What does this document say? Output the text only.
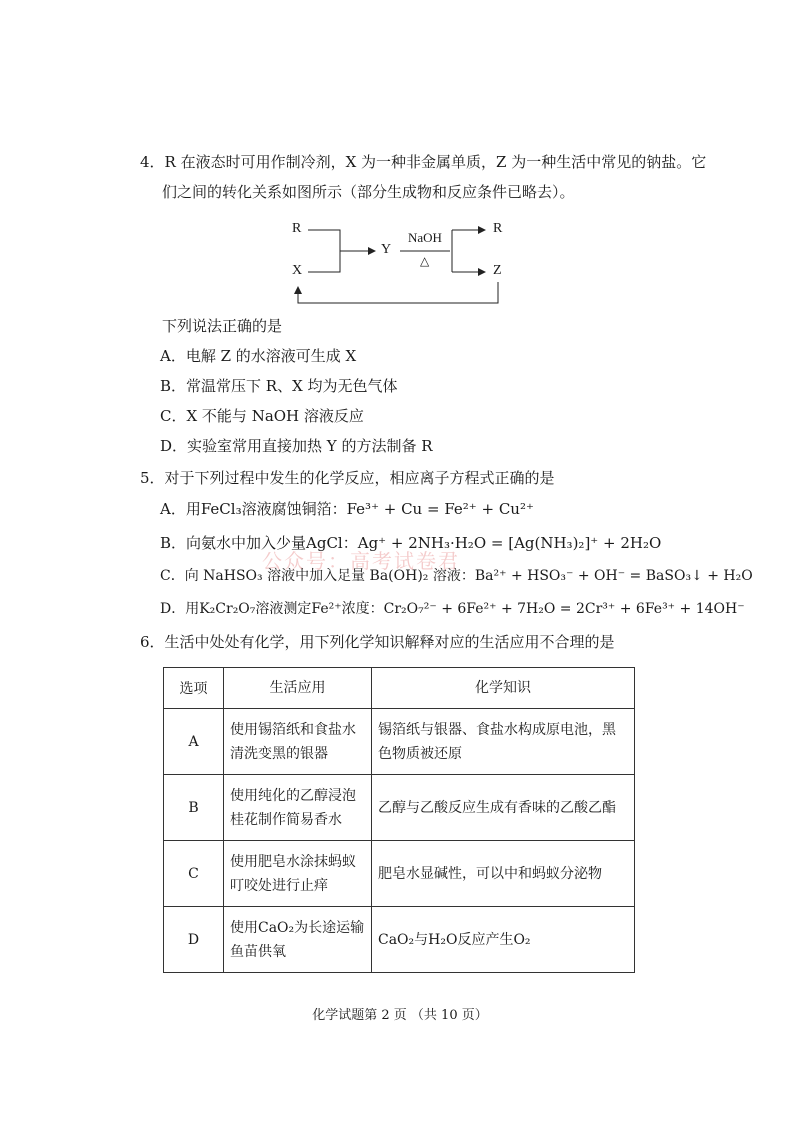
4．R 在液态时可用作制冷剂，X 为一种非金属单质，Z 为一种生活中常见的钠盐。它
们之间的转化关系如图所示（部分生成物和反应条件已略去）。
R
X
Y
NaOH
△
R
Z
下列说法正确的是
A．电解 Z 的水溶液可生成 X
B．常温常压下 R、X 均为无色气体
C．X 不能与 NaOH 溶液反应
D．实验室常用直接加热 Y 的方法制备 R
5．对于下列过程中发生的化学反应，相应离子方程式正确的是
A．用FeCl₃溶液腐蚀铜箔：Fe³⁺ + Cu = Fe²⁺ + Cu²⁺
B．向氨水中加入少量AgCl：Ag⁺ + 2NH₃·H₂O = [Ag(NH₃)₂]⁺ + 2H₂O
公众号：高考试卷君
C．向 NaHSO₃ 溶液中加入足量 Ba(OH)₂ 溶液：Ba²⁺ + HSO₃⁻ + OH⁻ = BaSO₃↓ + H₂O
D．用K₂Cr₂O₇溶液测定Fe²⁺浓度：Cr₂O₇²⁻ + 6Fe²⁺ + 7H₂O = 2Cr³⁺ + 6Fe³⁺ + 14OH⁻
6．生活中处处有化学，用下列化学知识解释对应的生活应用不合理的是
选项	生活应用	化学知识
A	使用锡箔纸和食盐水清洗变黑的银器	锡箔纸与银器、食盐水构成原电池，黑色物质被还原
B	使用纯化的乙醇浸泡桂花制作简易香水	乙醇与乙酸反应生成有香味的乙酸乙酯
C	使用肥皂水涂抹蚂蚁叮咬处进行止痒	肥皂水显碱性，可以中和蚂蚁分泌物
D	使用CaO₂为长途运输鱼苗供氧	CaO₂与H₂O反应产生O₂
化学试题第 2 页 （共 10 页）
